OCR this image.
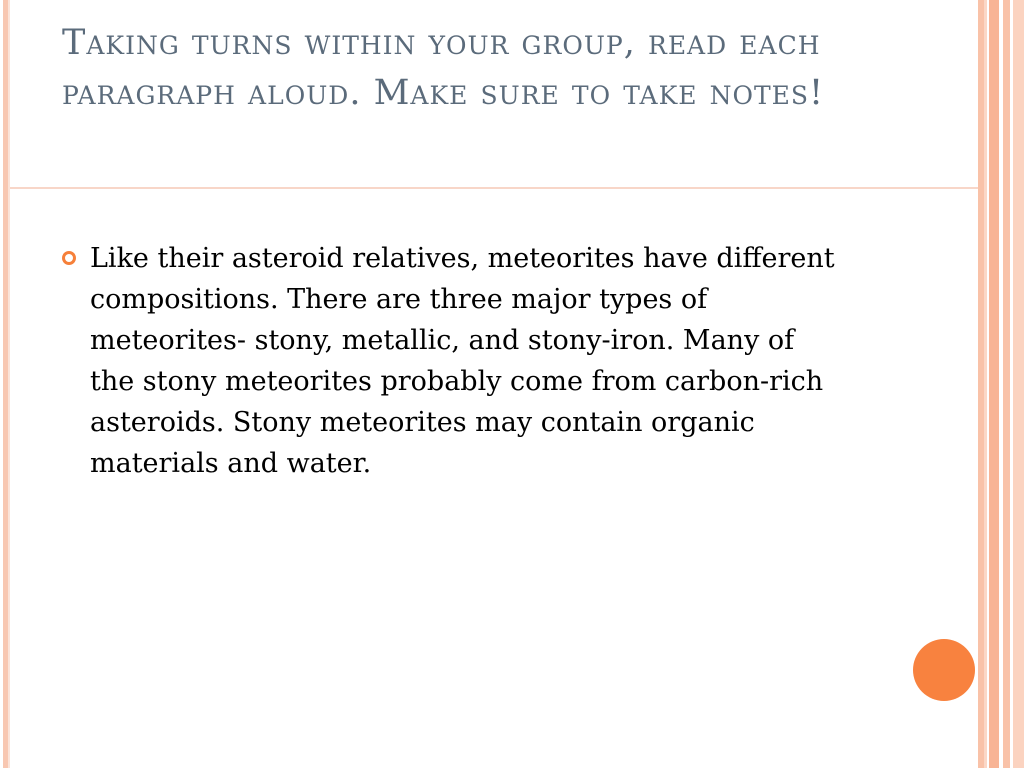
Taking turns within your group, read each paragraph aloud. Make sure to take notes!
Like their asteroid relatives, meteorites have different compositions. There are three major types of meteorites- stony, metallic, and stony-iron. Many of the stony meteorites probably come from carbon-rich asteroids. Stony meteorites may contain organic materials and water.
